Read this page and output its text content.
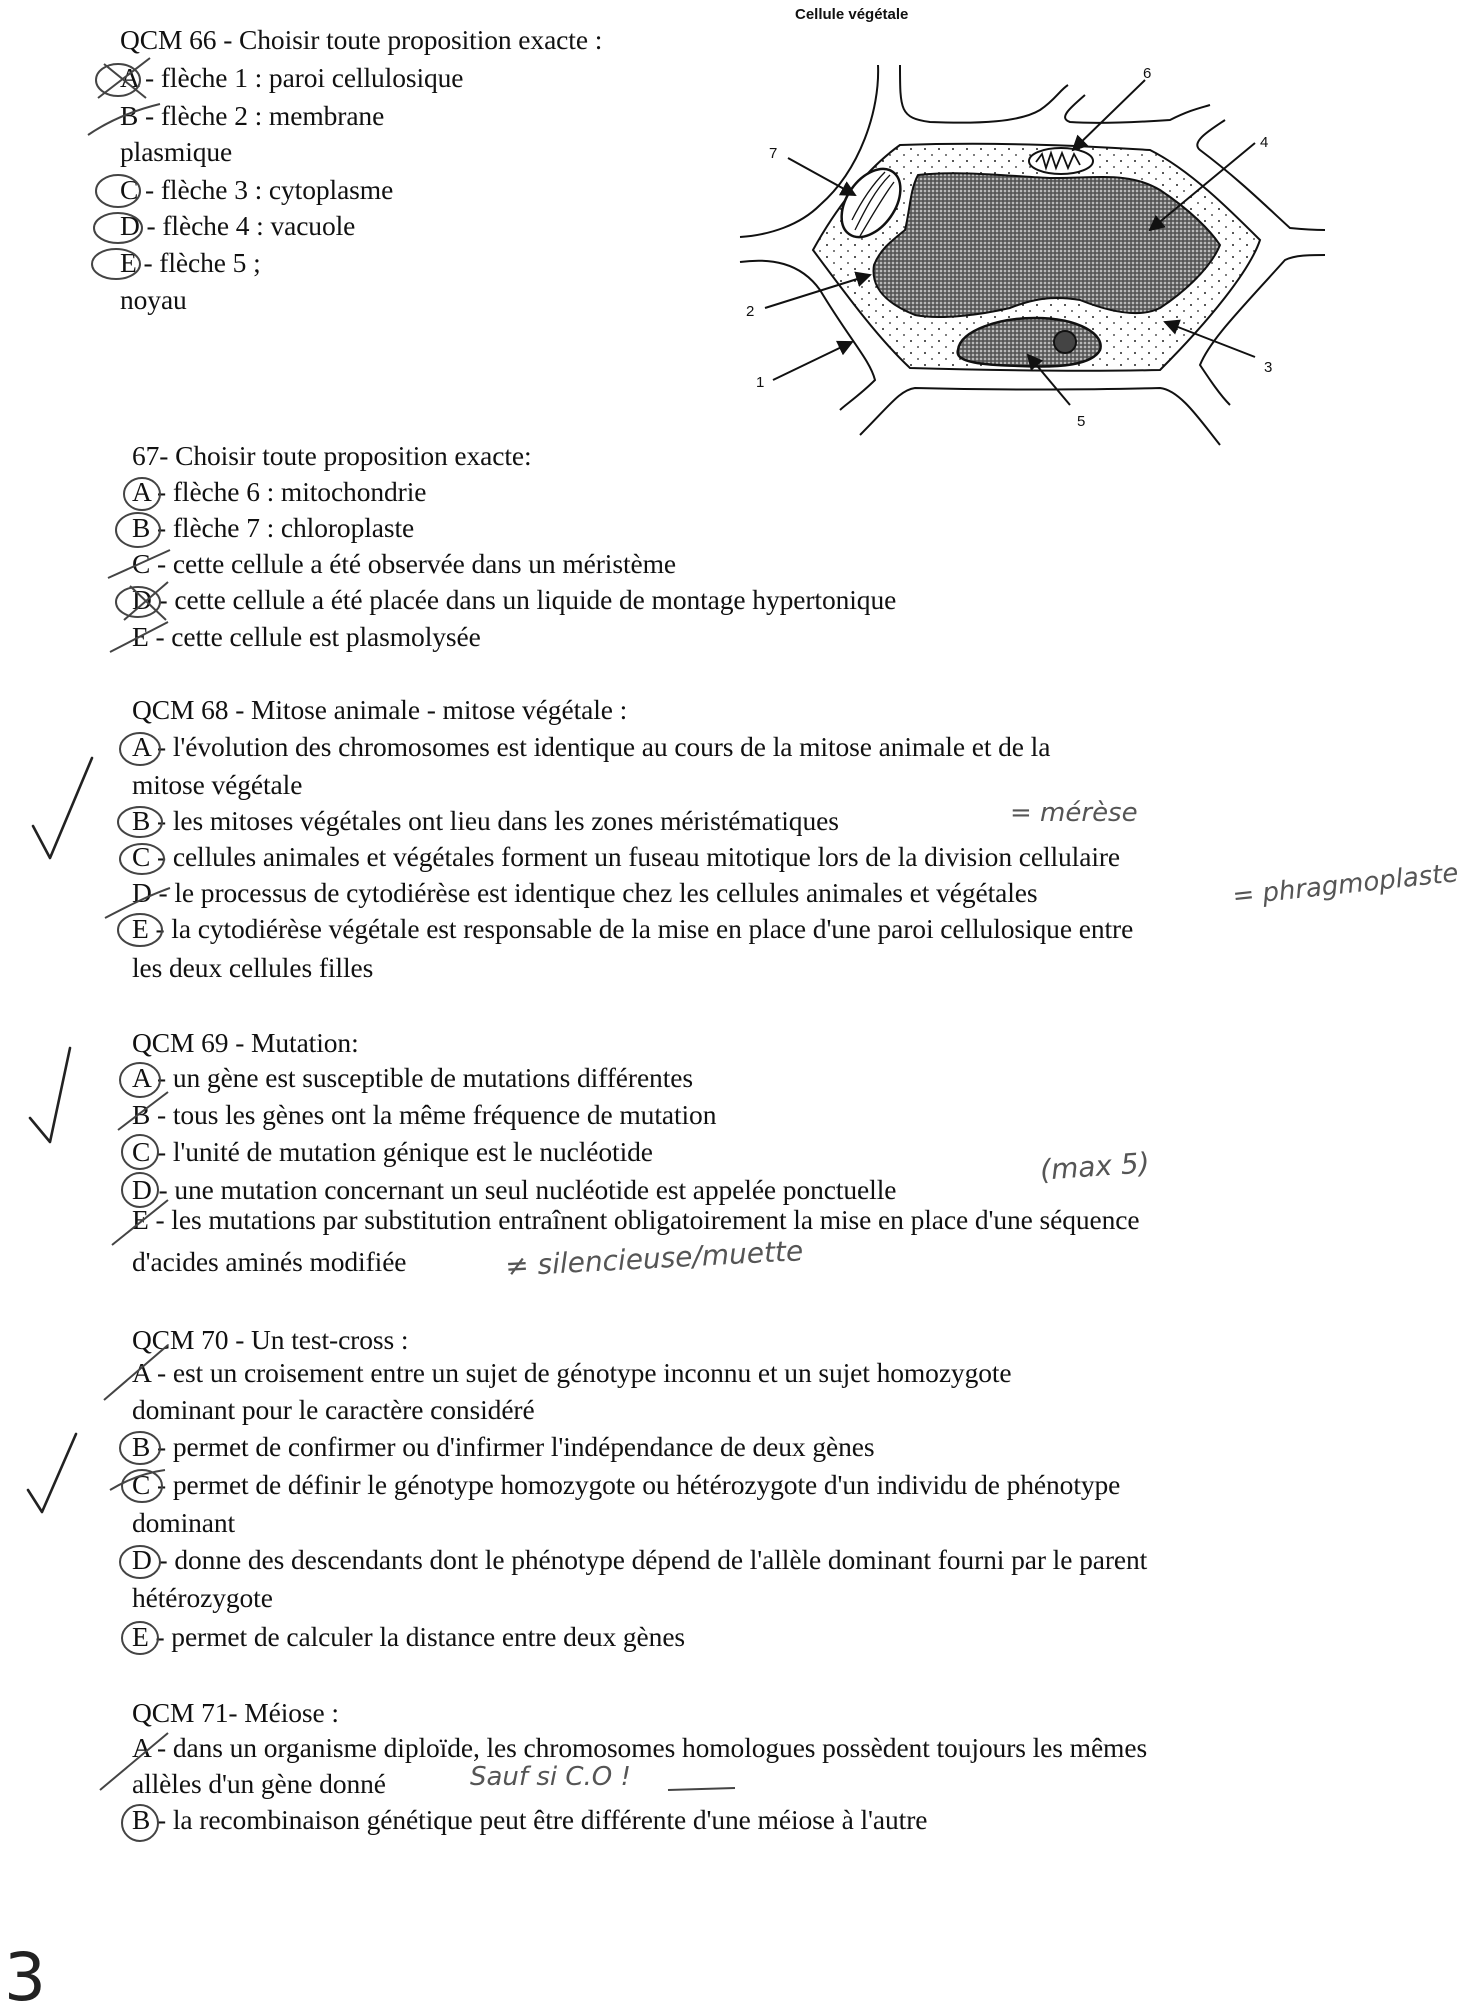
Cellule végétale
1
2
3
4
5
6
7
QCM 66 - Choisir toute proposition exacte :
A - flèche 1 : paroi cellulosique
B - flèche 2 : membrane
plasmique
C - flèche 3 : cytoplasme
D - flèche 4 : vacuole
E - flèche 5 ;
noyau
67- Choisir toute proposition exacte:
A - flèche 6 : mitochondrie
B - flèche 7 : chloroplaste
C - cette cellule a été observée dans un méristème
D - cette cellule a été placée dans un liquide de montage hypertonique
E - cette cellule est plasmolysée
QCM 68 - Mitose animale - mitose végétale :
A - l'évolution des chromosomes est identique au cours de la mitose animale et de la
mitose végétale
B - les mitoses végétales ont lieu dans les zones méristématiques
C - cellules animales et végétales forment un fuseau mitotique lors de la division cellulaire
D - le processus de cytodiérèse est identique chez les cellules animales et végétales
E - la cytodiérèse végétale est responsable de la mise en place d'une paroi cellulosique entre
les deux cellules filles
= mérèse
= phragmoplaste
QCM 69 - Mutation:
A - un gène est susceptible de mutations différentes
B - tous les gènes ont la même fréquence de mutation
C - l'unité de mutation génique est le nucléotide
D - une mutation concernant un seul nucléotide est appelée ponctuelle
E - les mutations par substitution entraînent obligatoirement la mise en place d'une séquence
d'acides aminés modifiée
(max 5)
≠ silencieuse/muette
QCM 70 - Un test-cross :
A - est un croisement entre un sujet de génotype inconnu et un sujet homozygote
dominant pour le caractère considéré
B - permet de confirmer ou d'infirmer l'indépendance de deux gènes
C - permet de définir le génotype homozygote ou hétérozygote d'un individu de phénotype
dominant
D - donne des descendants dont le phénotype dépend de l'allèle dominant fourni par le parent
hétérozygote
E - permet de calculer la distance entre deux gènes
QCM 71- Méiose :
A - dans un organisme diploïde, les chromosomes homologues possèdent toujours les mêmes
allèles d'un gène donné
B - la recombinaison génétique peut être différente d'une méiose à l'autre
Sauf si C.O !
3
